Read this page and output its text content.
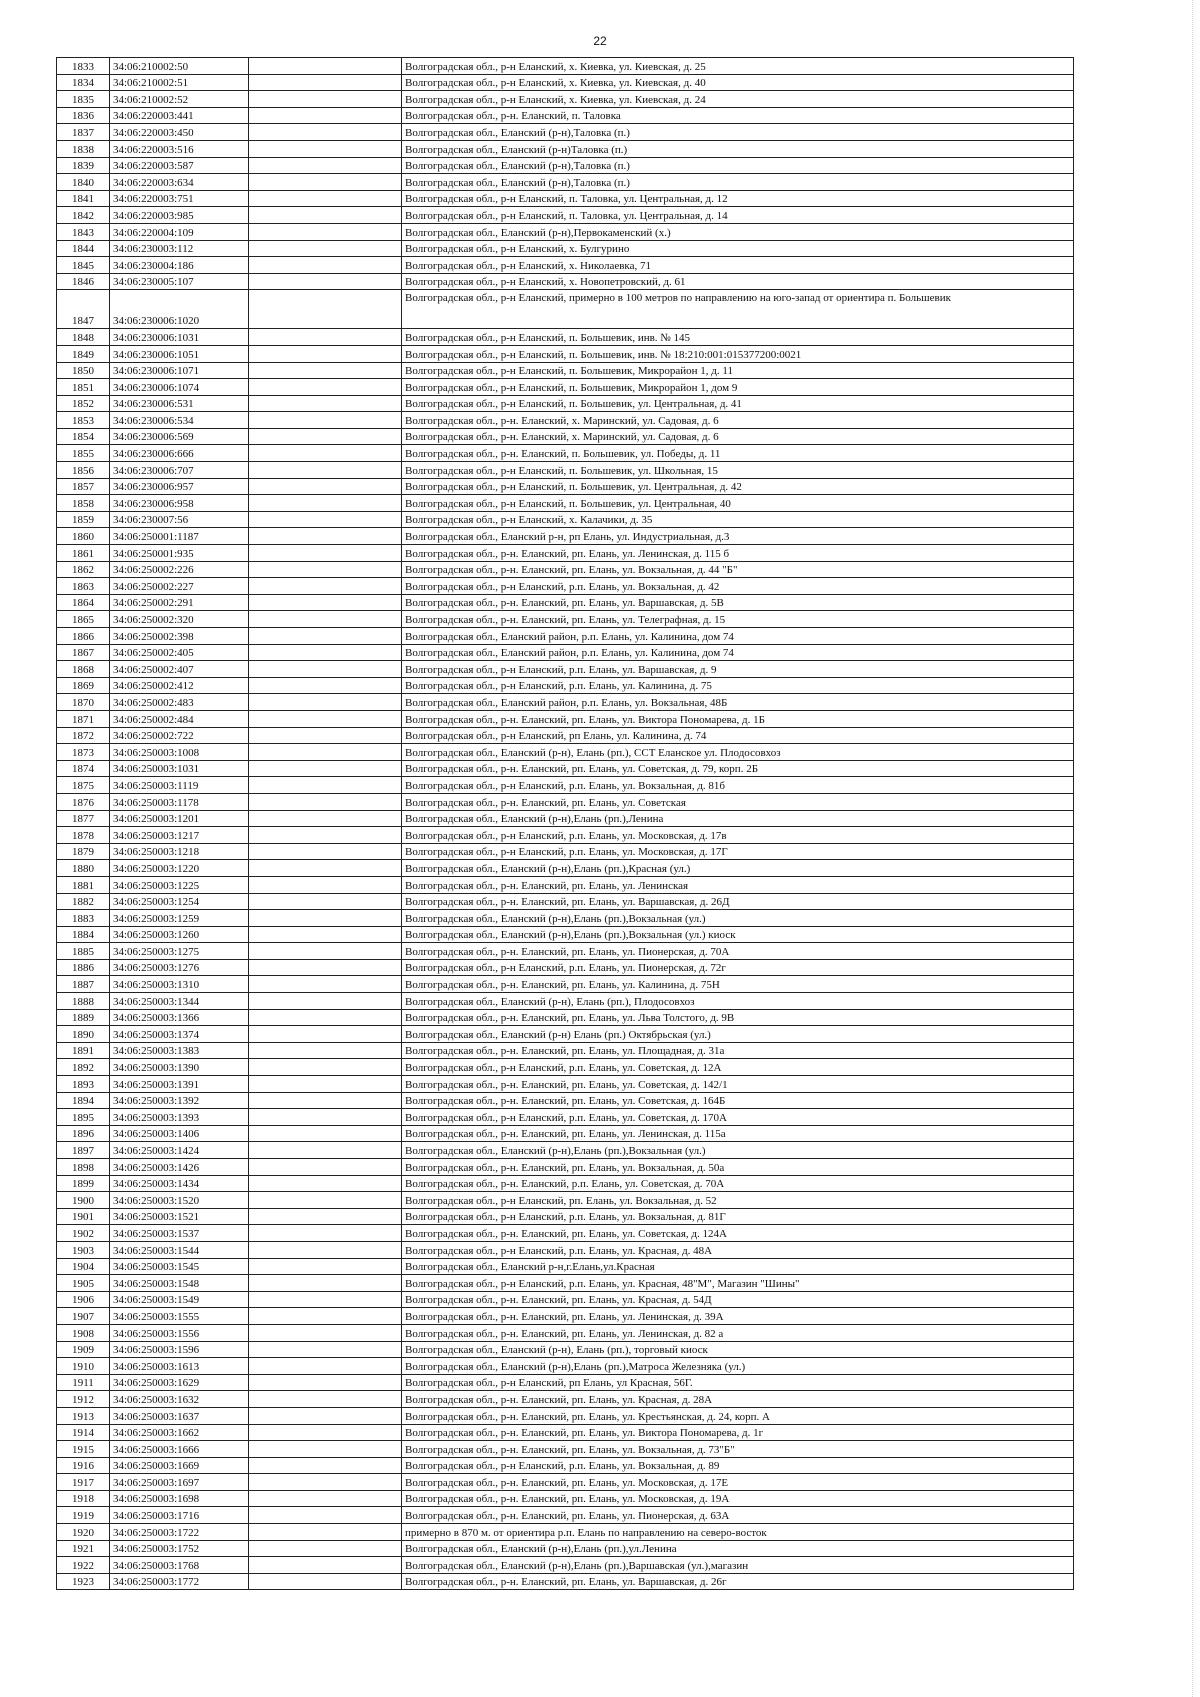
22
1833	34:06:210002:50		Волгоградская обл., р-н Еланский, х. Киевка, ул. Киевская, д. 25
1834	34:06:210002:51		Волгоградская обл., р-н Еланский, х. Киевка, ул. Киевская, д. 40
1835	34:06:210002:52		Волгоградская обл., р-н Еланский, х. Киевка, ул. Киевская, д. 24
1836	34:06:220003:441		Волгоградская обл., р-н. Еланский, п. Таловка
1837	34:06:220003:450		Волгоградская обл., Еланский (р-н),Таловка (п.)
1838	34:06:220003:516		Волгоградская обл., Еланский (р-н)Таловка (п.)
1839	34:06:220003:587		Волгоградская обл., Еланский (р-н),Таловка (п.)
1840	34:06:220003:634		Волгоградская обл., Еланский (р-н),Таловка (п.)
1841	34:06:220003:751		Волгоградская обл., р-н Еланский, п. Таловка, ул. Центральная, д. 12
1842	34:06:220003:985		Волгоградская обл., р-н Еланский, п. Таловка, ул. Центральная, д. 14
1843	34:06:220004:109		Волгоградская обл., Еланский (р-н),Первокаменский (х.)
1844	34:06:230003:112		Волгоградская обл., р-н Еланский, х. Булгурино
1845	34:06:230004:186		Волгоградская обл., р-н Еланский, х. Николаевка, 71
1846	34:06:230005:107		Волгоградская обл., р-н Еланский, х. Новопетровский, д. 61
1847	34:06:230006:1020		Волгоградская обл., р-н Еланский, примерно в 100 метров по направлению на юго-запад от ориентира п. Большевик
1848	34:06:230006:1031		Волгоградская обл., р-н Еланский, п. Большевик, инв. № 145
1849	34:06:230006:1051		Волгоградская обл., р-н Еланский, п. Большевик, инв. № 18:210:001:015377200:0021
1850	34:06:230006:1071		Волгоградская обл., р-н Еланский, п. Большевик, Микрорайон 1, д. 11
1851	34:06:230006:1074		Волгоградская обл., р-н Еланский, п. Большевик, Микрорайон 1, дом 9
1852	34:06:230006:531		Волгоградская обл., р-н Еланский, п. Большевик, ул. Центральная, д. 41
1853	34:06:230006:534		Волгоградская обл., р-н. Еланский, х. Маринский, ул. Садовая, д. 6
1854	34:06:230006:569		Волгоградская обл., р-н. Еланский, х. Маринский, ул. Садовая, д. 6
1855	34:06:230006:666		Волгоградская обл., р-н. Еланский, п. Большевик, ул. Победы, д. 11
1856	34:06:230006:707		Волгоградская обл., р-н Еланский, п. Большевик, ул. Школьная, 15
1857	34:06:230006:957		Волгоградская обл., р-н Еланский, п. Большевик, ул. Центральная, д. 42
1858	34:06:230006:958		Волгоградская обл., р-н Еланский, п. Большевик, ул. Центральная, 40
1859	34:06:230007:56		Волгоградская обл., р-н Еланский, х. Калачики, д. 35
1860	34:06:250001:1187		Волгоградская обл., Еланский р-н, рп Елань, ул. Индустриальная, д.3
1861	34:06:250001:935		Волгоградская обл., р-н. Еланский, рп. Елань, ул. Ленинская, д. 115 б
1862	34:06:250002:226		Волгоградская обл., р-н. Еланский, рп. Елань, ул. Вокзальная, д. 44 "Б"
1863	34:06:250002:227		Волгоградская обл., р-н Еланский, р.п. Елань, ул. Вокзальная, д. 42
1864	34:06:250002:291		Волгоградская обл., р-н. Еланский, рп. Елань, ул. Варшавская, д. 5В
1865	34:06:250002:320		Волгоградская обл., р-н. Еланский, рп. Елань, ул. Телеграфная, д. 15
1866	34:06:250002:398		Волгоградская обл., Еланский район, р.п. Елань, ул. Калинина, дом 74
1867	34:06:250002:405		Волгоградская обл., Еланский район, р.п. Елань, ул. Калинина, дом 74
1868	34:06:250002:407		Волгоградская обл., р-н Еланский, р.п. Елань, ул. Варшавская, д. 9
1869	34:06:250002:412		Волгоградская обл., р-н Еланский, р.п. Елань, ул. Калинина, д. 75
1870	34:06:250002:483		Волгоградская обл., Еланский район, р.п. Елань, ул. Вокзальная, 48Б
1871	34:06:250002:484		Волгоградская обл., р-н. Еланский, рп. Елань, ул. Виктора Пономарева, д. 1Б
1872	34:06:250002:722		Волгоградская обл., р-н Еланский, рп Елань, ул. Калинина, д. 74
1873	34:06:250003:1008		Волгоградская обл., Еланский (р-н), Елань (рп.), ССТ Еланское ул. Плодосовхоз
1874	34:06:250003:1031		Волгоградская обл., р-н. Еланский, рп. Елань, ул. Советская, д. 79, корп. 2Б
1875	34:06:250003:1119		Волгоградская обл., р-н Еланский, р.п. Елань, ул. Вокзальная, д. 81б
1876	34:06:250003:1178		Волгоградская обл., р-н. Еланский, рп. Елань, ул. Советская
1877	34:06:250003:1201		Волгоградская обл., Еланский (р-н),Елань (рп.),Ленина
1878	34:06:250003:1217		Волгоградская обл., р-н Еланский, р.п. Елань, ул. Московская, д. 17в
1879	34:06:250003:1218		Волгоградская обл., р-н Еланский, р.п. Елань, ул. Московская, д. 17Г
1880	34:06:250003:1220		Волгоградская обл., Еланский (р-н),Елань (рп.),Красная (ул.)
1881	34:06:250003:1225		Волгоградская обл., р-н. Еланский, рп. Елань, ул. Ленинская
1882	34:06:250003:1254		Волгоградская обл., р-н. Еланский, рп. Елань, ул. Варшавская, д. 26Д
1883	34:06:250003:1259		Волгоградская обл., Еланский (р-н),Елань (рп.),Вокзальная (ул.)
1884	34:06:250003:1260		Волгоградская обл., Еланский (р-н),Елань (рп.),Вокзальная (ул.) киоск
1885	34:06:250003:1275		Волгоградская обл., р-н. Еланский, рп. Елань, ул. Пионерская, д. 70А
1886	34:06:250003:1276		Волгоградская обл., р-н Еланский, р.п. Елань, ул. Пионерская, д. 72г
1887	34:06:250003:1310		Волгоградская обл., р-н. Еланский, рп. Елань, ул. Калинина, д. 75Н
1888	34:06:250003:1344		Волгоградская обл., Еланский (р-н), Елань (рп.), Плодосовхоз
1889	34:06:250003:1366		Волгоградская обл., р-н. Еланский, рп. Елань, ул. Льва Толстого, д. 9В
1890	34:06:250003:1374		Волгоградская обл., Еланский (р-н) Елань (рп.) Октябрьская (ул.)
1891	34:06:250003:1383		Волгоградская обл., р-н. Еланский, рп. Елань, ул. Площадная, д. 31а
1892	34:06:250003:1390		Волгоградская обл., р-н Еланский, р.п. Елань, ул. Советская, д. 12А
1893	34:06:250003:1391		Волгоградская обл., р-н. Еланский, рп. Елань, ул. Советская, д. 142/1
1894	34:06:250003:1392		Волгоградская обл., р-н. Еланский, рп. Елань, ул. Советская, д. 164Б
1895	34:06:250003:1393		Волгоградская обл., р-н Еланский, р.п. Елань, ул. Советская, д. 170А
1896	34:06:250003:1406		Волгоградская обл., р-н. Еланский, рп. Елань, ул. Ленинская, д. 115а
1897	34:06:250003:1424		Волгоградская обл., Еланский (р-н),Елань (рп.),Вокзальная (ул.)
1898	34:06:250003:1426		Волгоградская обл., р-н. Еланский, рп. Елань, ул. Вокзальная, д. 50а
1899	34:06:250003:1434		Волгоградская обл., р-н. Еланский, р.п. Елань, ул. Советская, д. 70А
1900	34:06:250003:1520		Волгоградская обл., р-н Еланский, рп. Елань, ул. Вокзальная, д. 52
1901	34:06:250003:1521		Волгоградская обл., р-н Еланский, р.п. Елань, ул. Вокзальная, д. 81Г
1902	34:06:250003:1537		Волгоградская обл., р-н. Еланский, рп. Елань, ул. Советская, д. 124А
1903	34:06:250003:1544		Волгоградская обл., р-н Еланский, р.п. Елань, ул. Красная, д. 48А
1904	34:06:250003:1545		Волгоградская обл., Еланский р-н,г.Елань,ул.Красная
1905	34:06:250003:1548		Волгоградская обл., р-н Еланский, р.п. Елань, ул. Красная, 48"М", Магазин "Шины"
1906	34:06:250003:1549		Волгоградская обл., р-н. Еланский, рп. Елань, ул. Красная, д. 54Д
1907	34:06:250003:1555		Волгоградская обл., р-н. Еланский, рп. Елань, ул. Ленинская, д. 39А
1908	34:06:250003:1556		Волгоградская обл., р-н. Еланский, рп. Елань, ул. Ленинская, д. 82 а
1909	34:06:250003:1596		Волгоградская обл., Еланский (р-н), Елань (рп.), торговый киоск
1910	34:06:250003:1613		Волгоградская обл., Еланский (р-н),Елань (рп.),Матроса Железняка (ул.)
1911	34:06:250003:1629		Волгоградская обл., р-н Еланский, рп Елань, ул Красная, 56Г.
1912	34:06:250003:1632		Волгоградская обл., р-н. Еланский, рп. Елань, ул. Красная, д. 28А
1913	34:06:250003:1637		Волгоградская обл., р-н. Еланский, рп. Елань, ул. Крестьянская, д. 24, корп. А
1914	34:06:250003:1662		Волгоградская обл., р-н. Еланский, рп. Елань, ул. Виктора Пономарева, д. 1г
1915	34:06:250003:1666		Волгоградская обл., р-н. Еланский, рп. Елань, ул. Вокзальная, д. 73"Б"
1916	34:06:250003:1669		Волгоградская обл., р-н Еланский, р.п. Елань, ул. Вокзальная, д. 89
1917	34:06:250003:1697		Волгоградская обл., р-н. Еланский, рп. Елань, ул. Московская, д. 17Е
1918	34:06:250003:1698		Волгоградская обл., р-н. Еланский, рп. Елань, ул. Московская, д. 19А
1919	34:06:250003:1716		Волгоградская обл., р-н. Еланский, рп. Елань, ул. Пионерская, д. 63А
1920	34:06:250003:1722		примерно в 870 м. от ориентира р.п. Елань по направлению на северо-восток
1921	34:06:250003:1752		Волгоградская обл., Еланский (р-н),Елань (рп.),ул.Ленина
1922	34:06:250003:1768		Волгоградская обл., Еланский (р-н),Елань (рп.),Варшавская (ул.),магазин
1923	34:06:250003:1772		Волгоградская обл., р-н. Еланский, рп. Елань, ул. Варшавская, д. 26г
